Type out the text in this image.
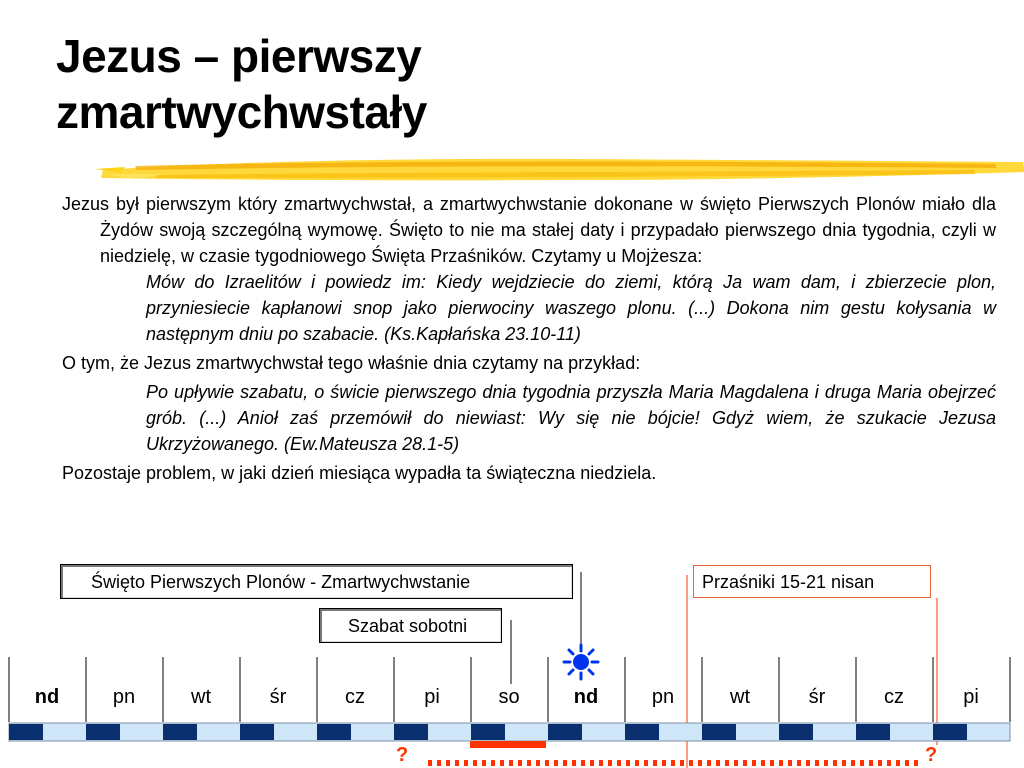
Jezus – pierwszy
zmartwychwstały

Jezus był pierwszym który zmartwychwstał, a zmartwychwstanie dokonane w święto Pierwszych Plonów miało dla Żydów swoją szczególną wymowę. Święto to nie ma stałej daty i przypadało pierwszego dnia tygodnia, czyli w niedzielę, w czasie tygodniowego Święta Przaśników. Czytamy u Mojżesza:

Mów do Izraelitów i powiedz im: Kiedy wejdziecie do ziemi, którą Ja wam dam, i zbierzecie plon, przyniesiecie kapłanowi snop jako pierwociny waszego plonu. (...) Dokona nim gestu kołysania w następnym dniu po szabacie. (Ks.Kapłańska 23.10-11)

O tym, że Jezus zmartwychwstał tego właśnie dnia czytamy na przykład:

Po upływie szabatu, o świcie pierwszego dnia tygodnia przyszła Maria Magdalena i druga Maria obejrzeć grób. (...) Anioł zaś przemówił do niewiast: Wy się nie bójcie! Gdyż wiem, że szukacie Jezusa Ukrzyżowanego. (Ew.Mateusza 28.1-5)

Pozostaje problem, w jaki dzień miesiąca wypadła ta świąteczna niedziela.

Święto Pierwszych Plonów - Zmartwychwstanie
Szabat sobotni
Przaśniki 15-21 nisan
nd	pn	wt	śr	cz	pi	so	nd	pn	wt	śr	cz	pi
?	?
